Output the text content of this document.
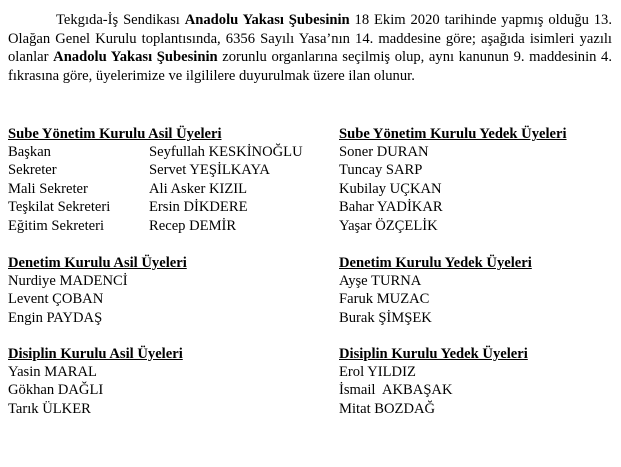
Tekgıda-İş Sendikası Anadolu Yakası Şubesinin 18 Ekim 2020 tarihinde yapmış olduğu 13. Olağan Genel Kurulu toplantısında, 6356 Sayılı Yasa’nın 14. maddesine göre; aşağıda isimleri yazılı olanlar Anadolu Yakası Şubesinin zorunlu organlarına seçilmiş olup, aynı kanunun 9. maddesinin 4. fıkrasına göre, üyelerimize ve ilgililere duyurulmak üzere ilan olunur.

Sube Yönetim Kurulu Asil Üyeleri
Başkan	Seyfullah KESKİNOĞLU
Sekreter	Servet YEŞİLKAYA
Mali Sekreter	Ali Asker KIZIL
Teşkilat Sekreteri	Ersin DİKDERE
Eğitim Sekreteri	Recep DEMİR
Sube Yönetim Kurulu Yedek Üyeleri
Soner DURAN
Tuncay SARP
Kubilay UÇKAN
Bahar YADİKAR
Yaşar ÖZÇELİK
Denetim Kurulu Asil Üyeleri
Nurdiye MADENCİ
Levent ÇOBAN
Engin PAYDAŞ
Denetim Kurulu Yedek Üyeleri
Ayşe TURNA
Faruk MUZAC
Burak ŞİMŞEK
Disiplin Kurulu Asil Üyeleri
Yasin MARAL
Gökhan DAĞLI
Tarık ÜLKER
Disiplin Kurulu Yedek Üyeleri
Erol YILDIZ
İsmail  AKBAŞAK
Mitat BOZDAĞ
